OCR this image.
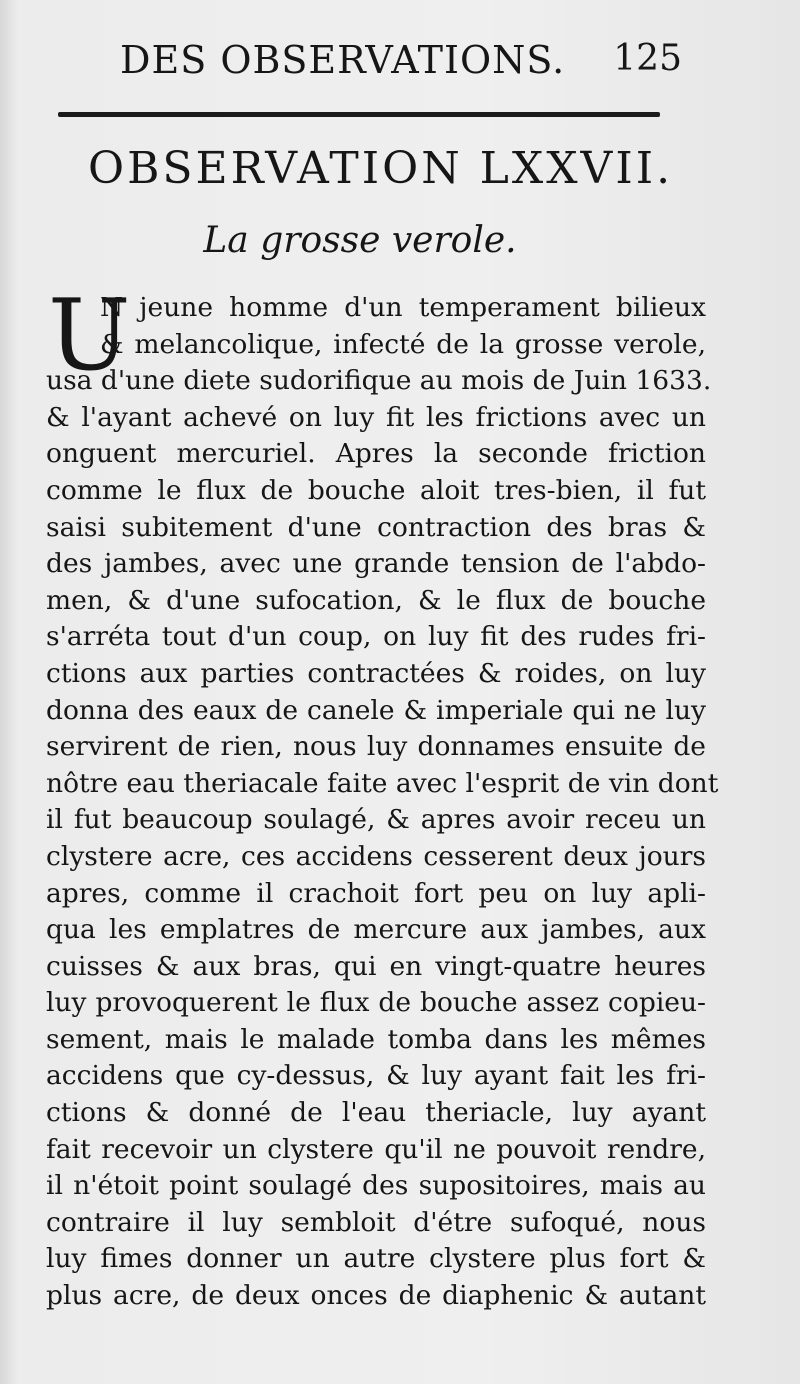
DES OBSERVATIONS. 125
OBSERVATION LXXVII.
La grosse verole.
U
N jeune homme d'un temperament bilieux
& melancolique, infecté de la grosse verole,
usa d'une diete sudorifique au mois de Juin 1633.
& l'ayant achevé on luy fit les frictions avec un
onguent mercuriel. Apres la seconde friction
comme le flux de bouche aloit tres-bien, il fut
saisi subitement d'une contraction des bras &
des jambes, avec une grande tension de l'abdo-
men, & d'une sufocation, & le flux de bouche
s'arréta tout d'un coup, on luy fit des rudes fri-
ctions aux parties contractées & roides, on luy
donna des eaux de canele & imperiale qui ne luy
servirent de rien, nous luy donnames ensuite de
nôtre eau theriacale faite avec l'esprit de vin dont
il fut beaucoup soulagé, & apres avoir receu un
clystere acre, ces accidens cesserent deux jours
apres, comme il crachoit fort peu on luy apli-
qua les emplatres de mercure aux jambes, aux
cuisses & aux bras, qui en vingt-quatre heures
luy provoquerent le flux de bouche assez copieu-
sement, mais le malade tomba dans les mêmes
accidens que cy-dessus, & luy ayant fait les fri-
ctions & donné de l'eau theriacle, luy ayant
fait recevoir un clystere qu'il ne pouvoit rendre,
il n'étoit point soulagé des supositoires, mais au
contraire il luy sembloit d'étre sufoqué, nous
luy fimes donner un autre clystere plus fort &
plus acre, de deux onces de diaphenic & autant
